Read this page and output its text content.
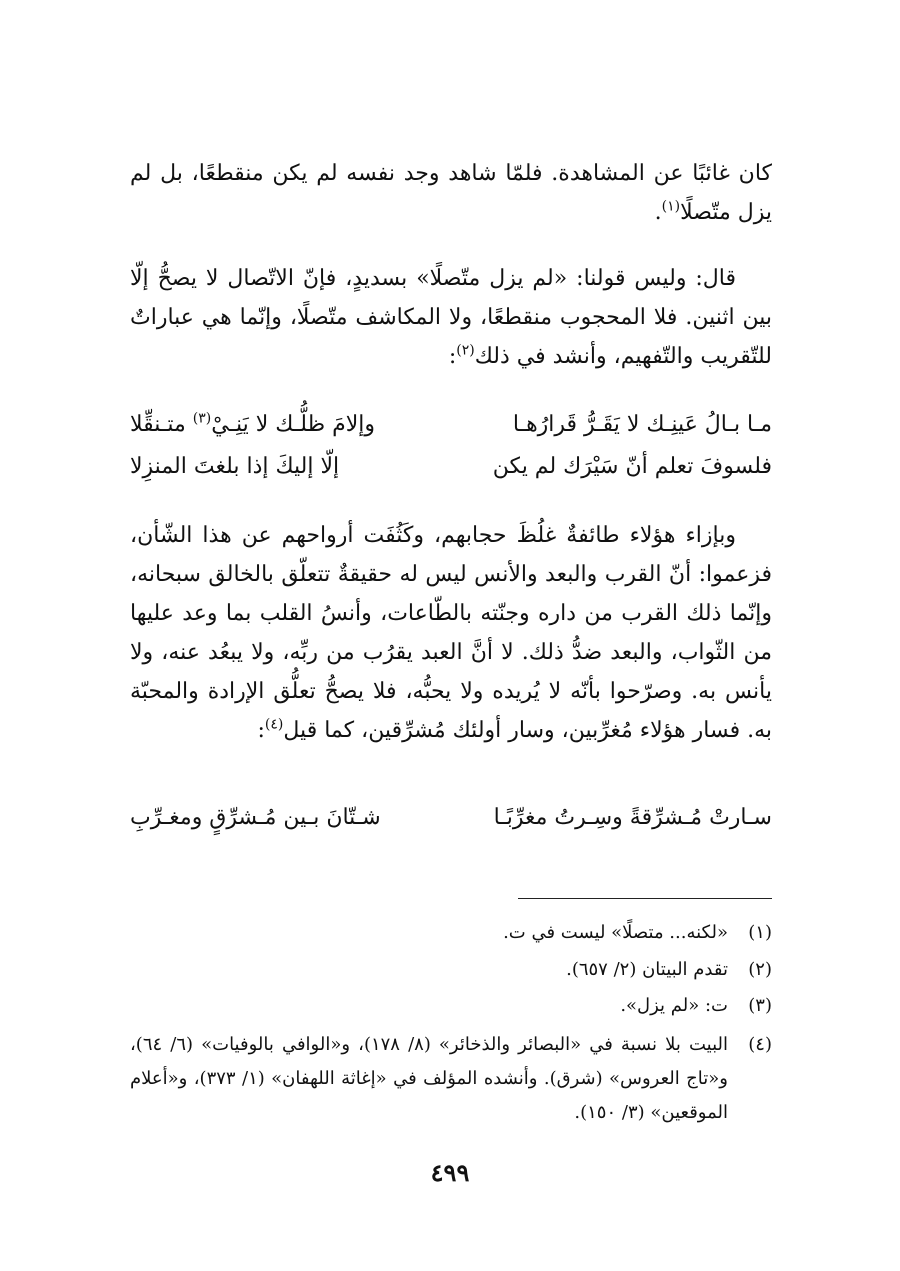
كان غائبًا عن المشاهدة. فلمّا شاهد وجد نفسه لم يكن منقطعًا، بل لم يزل متّصلًا$^{(١)}$.

قال: وليس قولنا: «لم يزل متّصلًا» بسديدٍ، فإنّ الاتّصال لا يصحُّ إلّا بين اثنين. فلا المحجوب منقطعًا، ولا المكاشف متّصلًا، وإنّما هي عباراتٌ للتّقريب والتّفهيم، وأنشد في ذلك$^{(٢)}$:

مـا بـالُ عَينِـك لا يَقَـرُّ قَرارُهـا
وإلامَ ظلُّـك لا يَنِـيْ$^{(٣)}$ متـنقِّلا
فلسوفَ تعلم أنّ سَيْرَك لم يكن
إلّا إليكَ إذا بلغتَ المنزِلا

وبإزاء هؤلاء طائفةٌ غلُظَ حجابهم، وكَثُفَت أرواحهم عن هذا الشّأن، فزعموا: أنّ القرب والبعد والأنس ليس له حقيقةٌ تتعلّق بالخالق سبحانه، وإنّما ذلك القرب من داره وجنّته بالطّاعات، وأنسُ القلب بما وعد عليها من الثّواب، والبعد ضدُّ ذلك. لا أنَّ العبد يقرُب من ربِّه، ولا يبعُد عنه، ولا يأنس به. وصرّحوا بأنّه لا يُريده ولا يحبُّه، فلا يصحُّ تعلُّق الإرادة والمحبّة به. فسار هؤلاء مُغرِّبين، وسار أولئك مُشرِّقين، كما قيل$^{(٤)}$:

سـارتْ مُـشرِّقةً وسِـرتُ مغرِّبًـا
شـتّانَ بـين مُـشرِّقٍ ومغـرِّبِ
(١)«لكنه... متصلًا» ليست في ت.
(٢)تقدم البيتان (٢/ ٦٥٧).
(٣)ت: «لم يزل».
(٤)
البيت بلا نسبة في «البصائر والذخائر» (٨/ ١٧٨)، و«الوافي بالوفيات» (٦/ ٦٤)، و«تاج العروس» (شرق). وأنشده المؤلف في «إغاثة اللهفان» (١/ ٣٧٣)، و«أعلام الموقعين» (٣/ ١٥٠).
٤٩٩
